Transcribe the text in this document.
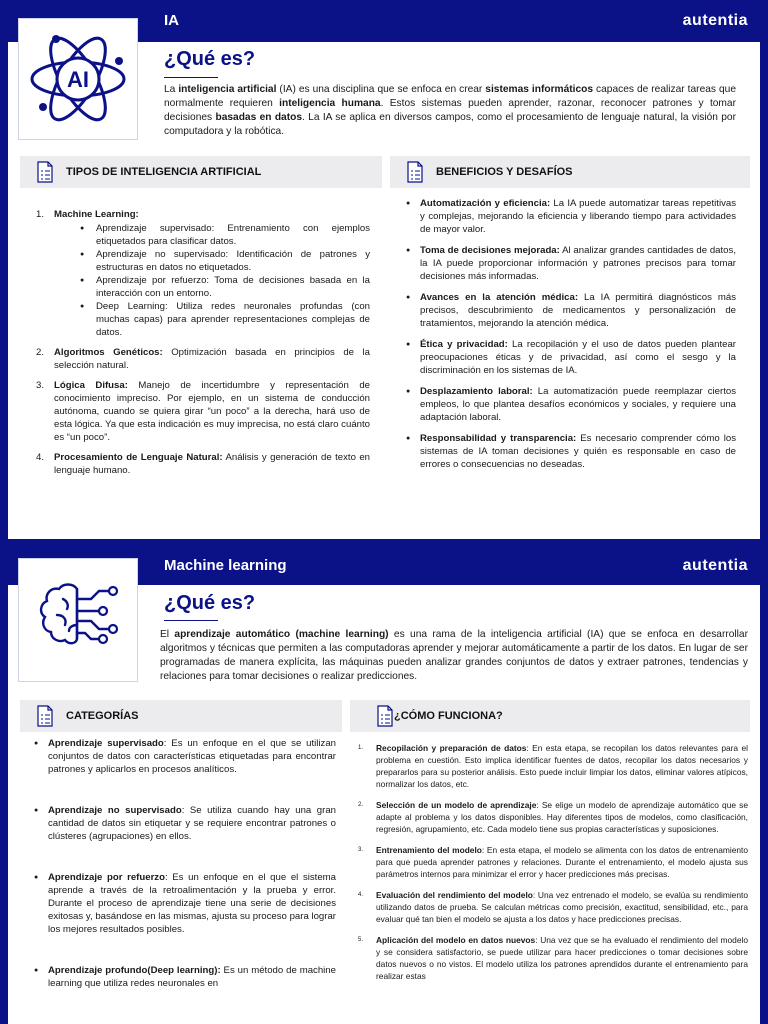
IA	autentia
AI
¿Qué es?
La inteligencia artificial (IA) es una disciplina que se enfoca en crear sistemas informáticos capaces de realizar tareas que normalmente requieren inteligencia humana. Estos sistemas pueden aprender, razonar, reconocer patrones y tomar decisiones basadas en datos. La IA se aplica en diversos campos, como el procesamiento de lenguaje natural, la visión por computadora y la robótica.
TIPOS DE INTELIGENCIA ARTIFICIAL
1. Machine Learning:
● Aprendizaje supervisado: Entrenamiento con ejemplos etiquetados para clasificar datos.
● Aprendizaje no supervisado: Identificación de patrones y estructuras en datos no etiquetados.
● Aprendizaje por refuerzo: Toma de decisiones basada en la interacción con un entorno.
● Deep Learning: Utiliza redes neuronales profundas (con muchas capas) para aprender representaciones complejas de datos.
2. Algoritmos Genéticos: Optimización basada en principios de la selección natural.
3. Lógica Difusa: Manejo de incertidumbre y representación de conocimiento impreciso. Por ejemplo, en un sistema de conducción autónoma, cuando se quiera girar “un poco” a la derecha, hará uso de esta lógica. Ya que esta indicación es muy imprecisa, no está claro cuánto es “un poco”.
4. Procesamiento de Lenguaje Natural: Análisis y generación de texto en lenguaje humano.
BENEFICIOS Y DESAFÍOS
● Automatización y eficiencia: La IA puede automatizar tareas repetitivas y complejas, mejorando la eficiencia y liberando tiempo para actividades de mayor valor.
● Toma de decisiones mejorada: Al analizar grandes cantidades de datos, la IA puede proporcionar información y patrones precisos para tomar decisiones más informadas.
● Avances en la atención médica: La IA permitirá diagnósticos más precisos, descubrimiento de medicamentos y personalización de tratamientos, mejorando la atención médica.
● Ética y privacidad: La recopilación y el uso de datos pueden plantear preocupaciones éticas y de privacidad, así como el sesgo y la discriminación en los sistemas de IA.
● Desplazamiento laboral: La automatización puede reemplazar ciertos empleos, lo que plantea desafíos económicos y sociales, y requiere una adaptación laboral.
● Responsabilidad y transparencia: Es necesario comprender cómo los sistemas de IA toman decisiones y quién es responsable en caso de errores o consecuencias no deseadas.
Machine learning	autentia
¿Qué es?
El aprendizaje automático (machine learning) es una rama de la inteligencia artificial (IA) que se enfoca en desarrollar algoritmos y técnicas que permiten a las computadoras aprender y mejorar automáticamente a partir de los datos. En lugar de ser programadas de manera explícita, las máquinas pueden analizar grandes conjuntos de datos y extraer patrones, tendencias y relaciones para tomar decisiones o realizar predicciones.
CATEGORÍAS
● Aprendizaje supervisado: Es un enfoque en el que se utilizan conjuntos de datos con características etiquetadas para encontrar patrones y aplicarlos en procesos analíticos.
● Aprendizaje no supervisado: Se utiliza cuando hay una gran cantidad de datos sin etiquetar y se requiere encontrar patrones o clústeres (agrupaciones) en ellos.
● Aprendizaje por refuerzo: Es un enfoque en el que el sistema aprende a través de la retroalimentación y la prueba y error. Durante el proceso de aprendizaje tiene una serie de decisiones exitosas y, basándose en las mismas, ajusta su proceso para lograr los mejores resultados posibles.
● Aprendizaje profundo(Deep learning): Es un método de machine learning que utiliza redes neuronales en
¿CÓMO FUNCIONA?
1. Recopilación y preparación de datos: En esta etapa, se recopilan los datos relevantes para el problema en cuestión. Esto implica identificar fuentes de datos, recopilar los datos necesarios y prepararlos para su posterior análisis. Esto puede incluir limpiar los datos, eliminar valores atípicos, normalizar los datos, etc.
2. Selección de un modelo de aprendizaje: Se elige un modelo de aprendizaje automático que se adapte al problema y los datos disponibles. Hay diferentes tipos de modelos, como clasificación, regresión, agrupamiento, etc. Cada modelo tiene sus propias características y suposiciones.
3. Entrenamiento del modelo: En esta etapa, el modelo se alimenta con los datos de entrenamiento para que pueda aprender patrones y relaciones. Durante el entrenamiento, el modelo ajusta sus parámetros internos para minimizar el error y hacer predicciones más precisas.
4. Evaluación del rendimiento del modelo: Una vez entrenado el modelo, se evalúa su rendimiento utilizando datos de prueba. Se calculan métricas como precisión, exactitud, sensibilidad, etc., para evaluar qué tan bien el modelo se ajusta a los datos y hace predicciones precisas.
5. Aplicación del modelo en datos nuevos: Una vez que se ha evaluado el rendimiento del modelo y se considera satisfactorio, se puede utilizar para hacer predicciones o tomar decisiones sobre datos nuevos o no vistos. El modelo utiliza los patrones aprendidos durante el entrenamiento para realizar estas
